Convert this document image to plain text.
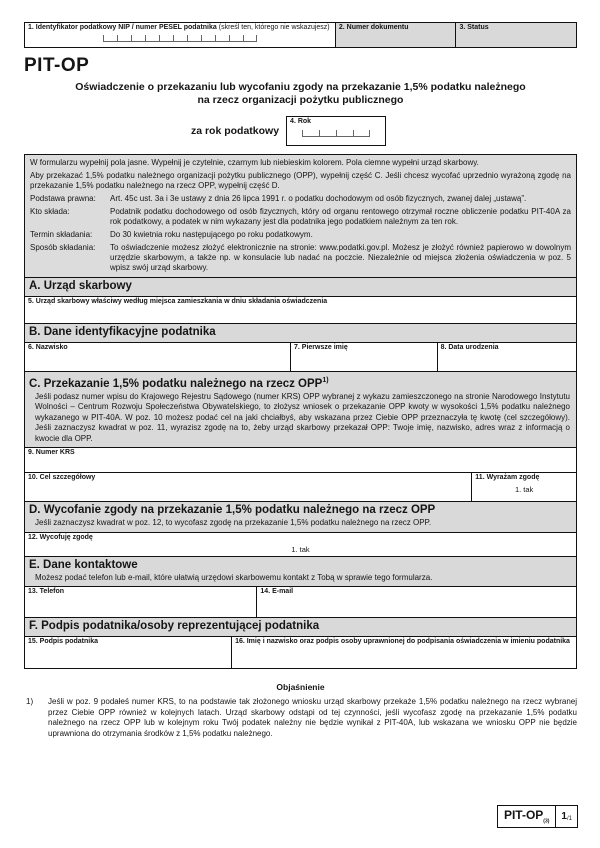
1. Identyfikator podatkowy NIP / numer PESEL podatnika (skreśl ten, którego nie wskazujesz)	2. Numer dokumentu	3. Status
PIT-OP
Oświadczenie o przekazaniu lub wycofaniu zgody na przekazanie 1,5% podatku należnego
na rzecz organizacji pożytku publicznego
za rok podatkowy
4. Rok

W formularzu wypełnij pola jasne. Wypełnij je czytelnie, czarnym lub niebieskim kolorem. Pola ciemne wypełni urząd skarbowy.

Aby przekazać 1,5% podatku należnego organizacji pożytku publicznego (OPP), wypełnij część C. Jeśli chcesz wycofać uprzednio wyrażoną zgodę na przekazanie 1,5% podatku należnego na rzecz OPP, wypełnij część D.

Podstawa prawna:	Art. 45c ust. 3a i 3e ustawy z dnia 26 lipca 1991 r. o podatku dochodowym od osób fizycznych, zwanej dalej „ustawą”.
Kto składa:	Podatnik podatku dochodowego od osób fizycznych, który od organu rentowego otrzymał roczne obliczenie podatku PIT-40A za rok podatkowy, a podatek w nim wykazany jest dla podatnika jego podatkiem należnym za ten rok.
Termin składania:	Do 30 kwietnia roku następującego po roku podatkowym.
Sposób składania:	To oświadczenie możesz złożyć elektronicznie na stronie: www.podatki.gov.pl. Możesz je złożyć również papierowo w dowolnym urzędzie skarbowym, a także np. w konsulacie lub nadać na poczcie. Niezależnie od miejsca złożenia oświadczenia w poz. 5 wpisz swój urząd skarbowy.
A. Urząd skarbowy
5. Urząd skarbowy właściwy według miejsca zamieszkania w dniu składania oświadczenia
B. Dane identyfikacyjne podatnika
6. Nazwisko	7. Pierwsze imię	8. Data urodzenia
C. Przekazanie 1,5% podatku należnego na rzecz OPP$^{1)}$
Jeśli podasz numer wpisu do Krajowego Rejestru Sądowego (numer KRS) OPP wybranej z wykazu zamieszczonego na stronie Narodowego Instytutu Wolności – Centrum Rozwoju Społeczeństwa Obywatelskiego, to złożysz wniosek o przekazanie OPP kwoty w wysokości 1,5% podatku należnego wykazanego w PIT-40A. W poz. 10 możesz podać cel na jaki chciałbyś, aby wskazana przez Ciebie OPP przeznaczyła tę kwotę (cel szczegółowy). Jeśli zaznaczysz kwadrat w poz. 11, wyrazisz zgodę na to, żeby urząd skarbowy przekazał OPP: Twoje imię, nazwisko, adres wraz z informacją o kwocie dla OPP.
9. Numer KRS
10. Cel szczegółowy	11. Wyrażam zgodę
1. tak
D. Wycofanie zgody na przekazanie 1,5% podatku należnego na rzecz OPP
Jeśli zaznaczysz kwadrat w poz. 12, to wycofasz zgodę na przekazanie 1,5% podatku należnego na rzecz OPP.
12. Wycofuję zgodę
1. tak
E. Dane kontaktowe
Możesz podać telefon lub e-mail, które ułatwią urzędowi skarbowemu kontakt z Tobą w sprawie tego formularza.
13. Telefon	14. E-mail
F. Podpis podatnika/osoby reprezentującej podatnika
15. Podpis podatnika	16. Imię i nazwisko oraz podpis osoby uprawnionej do podpisania oświadczenia w imieniu podatnika
Objaśnienie
1)	Jeśli w poz. 9 podałeś numer KRS, to na podstawie tak złożonego wniosku urząd skarbowy przekaże 1,5% podatku należnego na rzecz wybranej przez Ciebie OPP również w kolejnych latach. Urząd skarbowy odstąpi od tej czynności, jeśli wycofasz zgodę na przekazanie 1,5% podatku należnego na rzecz OPP lub w kolejnym roku Twój podatek należny nie będzie wynikał z PIT-40A, lub wskazana we wniosku OPP nie będzie uprawniona do otrzymania środków z 1,5% podatku należnego.
PIT-$OP_{(3)}$	1 /1
